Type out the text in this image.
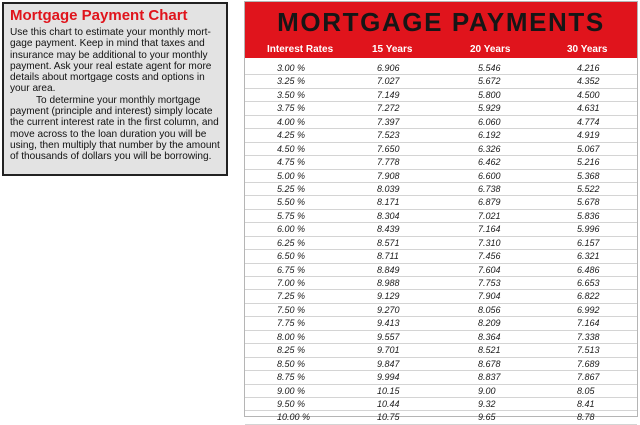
Mortgage Payment Chart

Use this chart to estimate your monthly mort-gage payment. Keep in mind that taxes and insurance may be additional to your monthly payment. Ask your real estate agent for more details about mortgage costs and options in your area.

To determine your monthly mortgage payment (principle and interest) simply locate the current interest rate in the first column, and move across to the loan duration you will be using, then multiply that number by the amount of thousands of dollars you will be borrowing.

MORTGAGE PAYMENTS
Interest Rates	15 Years	20 Years	30 Years
3.00 %	6.906	5.546	4.216
3.25 %	7.027	5.672	4.352
3.50 %	7.149	5.800	4.500
3.75 %	7.272	5.929	4.631
4.00 %	7.397	6.060	4.774
4.25 %	7.523	6.192	4.919
4.50 %	7.650	6.326	5.067
4.75 %	7.778	6.462	5.216
5.00 %	7.908	6.600	5.368
5.25 %	8.039	6.738	5.522
5.50 %	8.171	6.879	5.678
5.75 %	8.304	7.021	5.836
6.00 %	8.439	7.164	5.996
6.25 %	8.571	7.310	6.157
6.50 %	8.711	7.456	6.321
6.75 %	8.849	7.604	6.486
7.00 %	8.988	7.753	6.653
7.25 %	9.129	7.904	6.822
7.50 %	9.270	8.056	6.992
7.75 %	9.413	8.209	7.164
8.00 %	9.557	8.364	7.338
8.25 %	9.701	8.521	7.513
8.50 %	9.847	8.678	7.689
8.75 %	9.994	8.837	7.867
9.00 %	10.15	9.00	8.05
9.50 %	10.44	9.32	8.41
10.00 %	10.75	9.65	8.78
